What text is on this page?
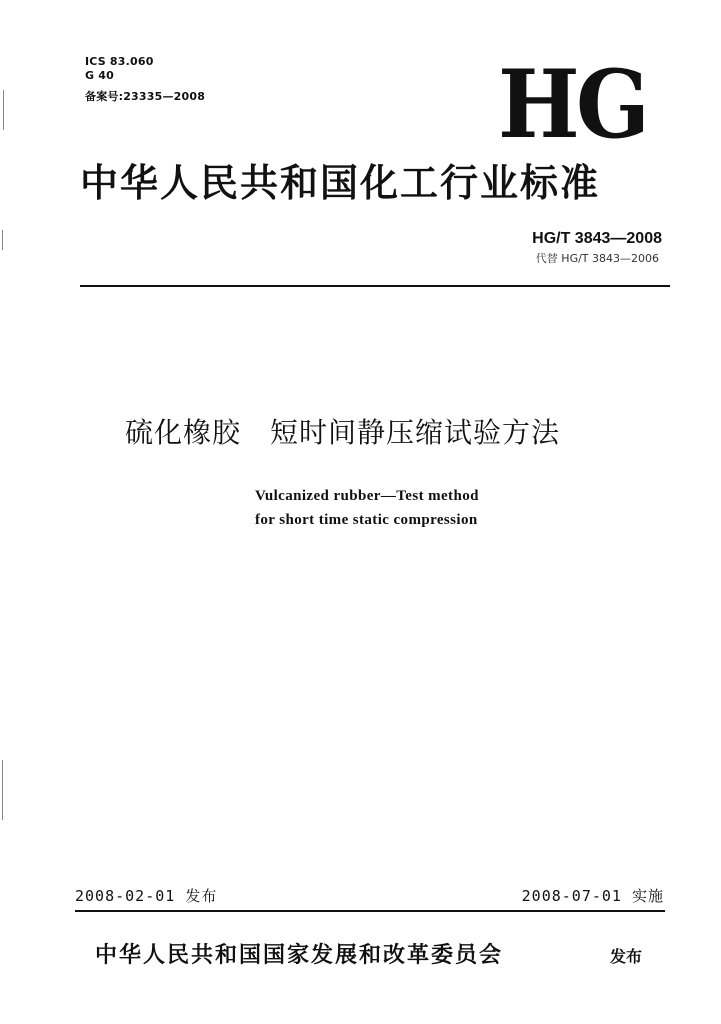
ICS 83.060
G 40
备案号:23335—2008	HG
中华人民共和国化工行业标准
HG/T 3843—2008
代替 HG/T 3843—2006
硫化橡胶　短时间静压缩试验方法
Vulcanized rubber—Test method
for short time static compression
2008-02-01 发布	2008-07-01 实施
中华人民共和国国家发展和改革委员会	发布
